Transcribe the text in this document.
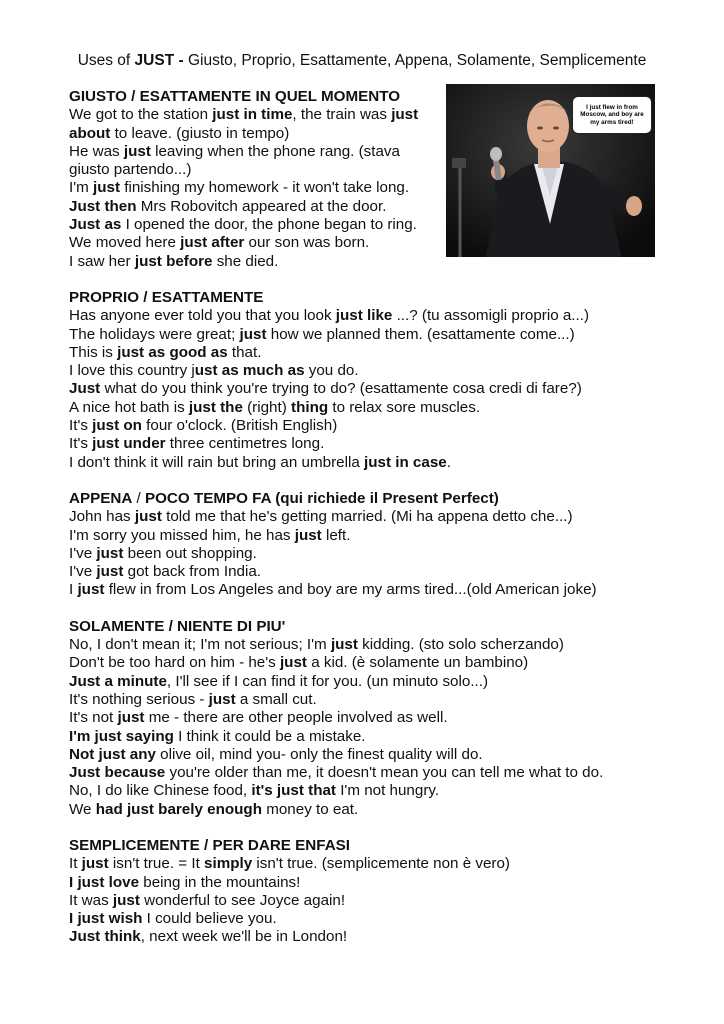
Uses of JUST - Giusto, Proprio, Esattamente, Appena, Solamente, Semplicemente
I just flew in from Moscow, and boy are my arms tired!
GIUSTO / ESATTAMENTE IN QUEL MOMENTO
We got to the station just in time, the train was just about to leave. (giusto in tempo)
He was just leaving when the phone rang. (stava giusto partendo...)
I'm just finishing my homework - it won't take long.
Just then Mrs Robovitch appeared at the door.
Just as I opened the door, the phone began to ring.
We moved here just after our son was born.
I saw her just before she died.
PROPRIO / ESATTAMENTE
Has anyone ever told you that you look just like ...? (tu assomigli proprio a...)
The holidays were great; just how we planned them. (esattamente come...)
This is just as good as that.
I love this country just as much as you do.
Just what do you think you're trying to do? (esattamente cosa credi di fare?)
A nice hot bath is just the (right) thing to relax sore muscles.
It's just on four o'clock. (British English)
It's just under three centimetres long.
I don't think it will rain but bring an umbrella just in case.
APPENA / POCO TEMPO FA (qui richiede il Present Perfect)
John has just told me that he's getting married. (Mi ha appena detto che...)
I'm sorry you missed him, he has just left.
I've just been out shopping.
I've just got back from India.
I just flew in from Los Angeles and boy are my arms tired...(old American joke)
SOLAMENTE / NIENTE DI PIU'
No, I don't mean it; I'm not serious; I'm just kidding. (sto solo scherzando)
Don't be too hard on him - he's just a kid. (è solamente un bambino)
Just a minute, I'll see if I can find it for you. (un minuto solo...)
It's nothing serious - just a small cut.
It's not just me - there are other people involved as well.
I'm just saying I think it could be a mistake.
Not just any olive oil, mind you- only the finest quality will do.
Just because you're older than me, it doesn't mean you can tell me what to do.
No, I do like Chinese food, it's just that I'm not hungry.
We had just barely enough money to eat.
SEMPLICEMENTE / PER DARE ENFASI
It just isn't true. = It simply isn't true. (semplicemente non è vero)
I just love being in the mountains!
It was just wonderful to see Joyce again!
I just wish I could believe you.
Just think, next week we'll be in London!
